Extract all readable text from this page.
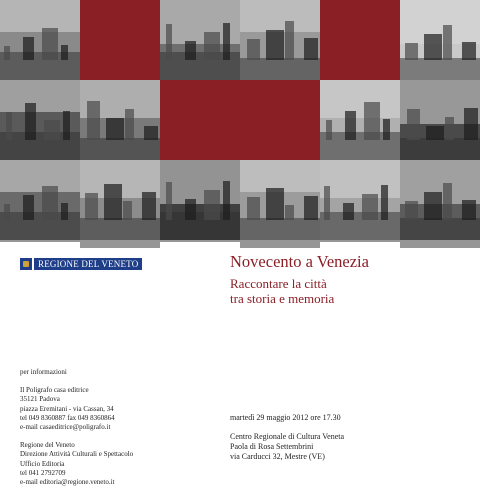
REGIONE DEL VENETO	Novecento a Venezia
Raccontare la città
tra storia e memoria
per informazioni
Il Poligrafo casa editrice
35121 Padova
piazza Eremitani - via Cassan, 34
tel 049 8360887 fax 049 8360864
e-mail casaeditrice@poligrafo.it
Regione del Veneto
Direzione Attività Culturali e Spettacolo
Ufficio Editoria
tel 041 2792709
e-mail editoria@regione.veneto.it
martedì 29 maggio 2012 ore 17.30
Centro Regionale di Cultura Veneta
Paola di Rosa Settembrini
via Carducci 32, Mestre (VE)
